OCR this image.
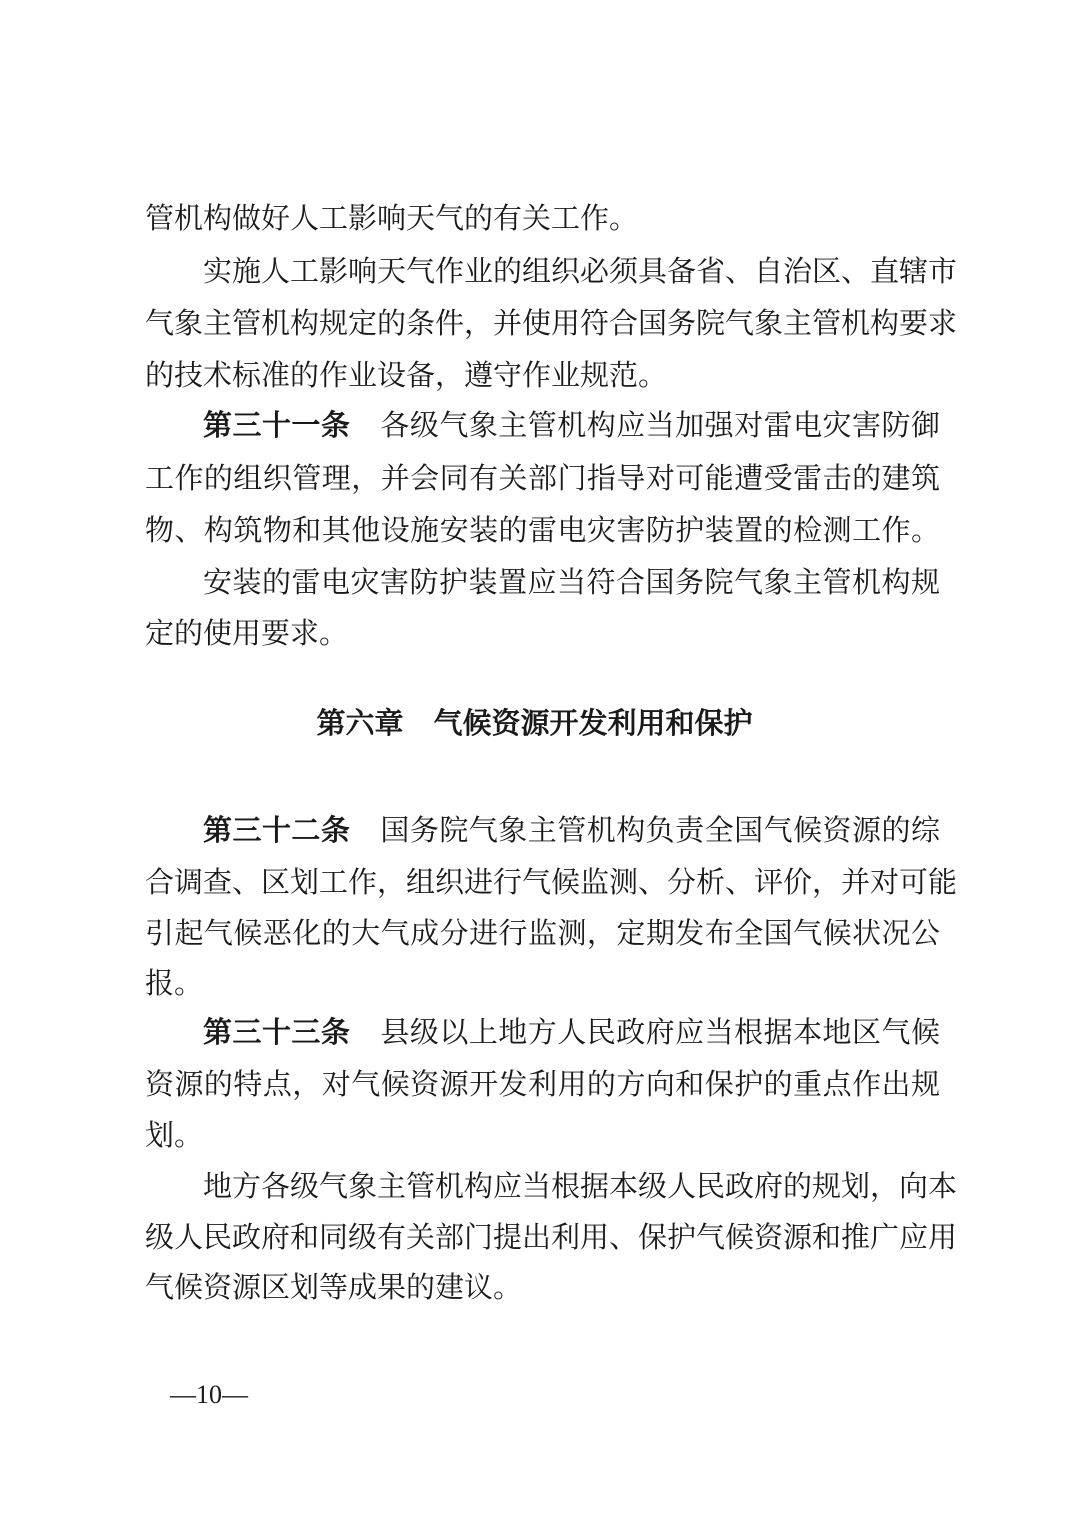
管机构做好人工影响天气的有关工作。
实施人工影响天气作业的组织必须具备省、自治区、直辖市
气象主管机构规定的条件，并使用符合国务院气象主管机构要求
的技术标准的作业设备，遵守作业规范。
第三十一条 各级气象主管机构应当加强对雷电灾害防御
工作的组织管理，并会同有关部门指导对可能遭受雷击的建筑
物、构筑物和其他设施安装的雷电灾害防护装置的检测工作。
安装的雷电灾害防护装置应当符合国务院气象主管机构规
定的使用要求。
第六章 气候资源开发利用和保护
第三十二条 国务院气象主管机构负责全国气候资源的综
合调查、区划工作，组织进行气候监测、分析、评价，并对可能
引起气候恶化的大气成分进行监测，定期发布全国气候状况公
报。
第三十三条 县级以上地方人民政府应当根据本地区气候
资源的特点，对气候资源开发利用的方向和保护的重点作出规
划。
地方各级气象主管机构应当根据本级人民政府的规划，向本
级人民政府和同级有关部门提出利用、保护气候资源和推广应用
气候资源区划等成果的建议。
—10—
